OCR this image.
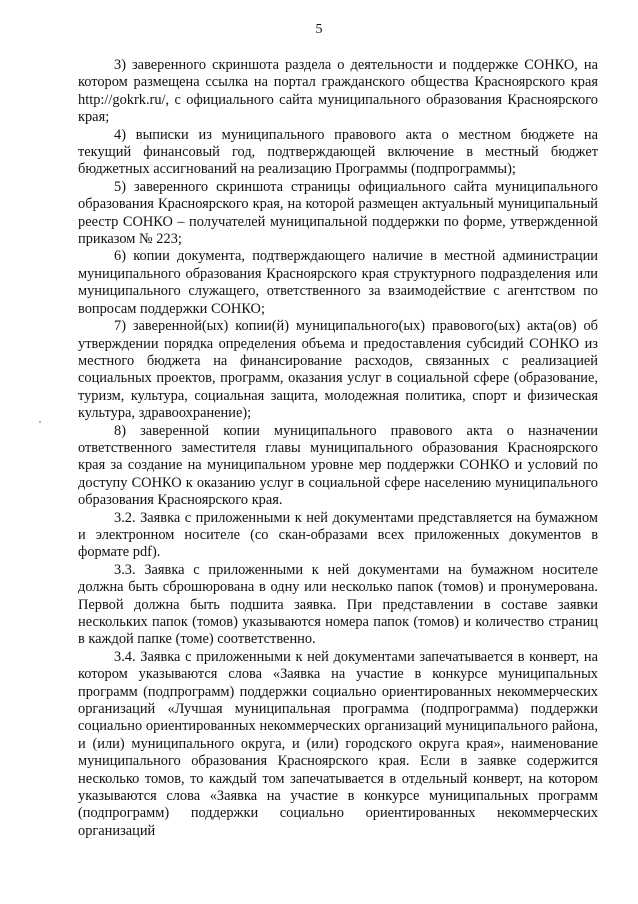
5

3) заверенного скриншота раздела о деятельности и поддержке СОНКО, на котором размещена ссылка на портал гражданского общества Красноярского края http://gokrk.ru/, с официального сайта муниципального образования Красноярского края;

4) выписки из муниципального правового акта о местном бюджете на текущий финансовый год, подтверждающей включение в местный бюджет бюджетных ассигнований на реализацию Программы (подпрограммы);

5) заверенного скриншота страницы официального сайта муниципального образования Красноярского края, на которой размещен актуальный муниципальный реестр СОНКО – получателей муниципальной поддержки по форме, утвержденной приказом № 223;

6) копии документа, подтверждающего наличие в местной администрации муниципального образования Красноярского края структурного подразделения или муниципального служащего, ответственного за взаимодействие с агентством по вопросам поддержки СОНКО;

7) заверенной(ых) копии(й) муниципального(ых) правового(ых) акта(ов) об утверждении порядка определения объема и предоставления субсидий СОНКО из местного бюджета на финансирование расходов, связанных с реализацией социальных проектов, программ, оказания услуг в социальной сфере (образование, туризм, культура, социальная защита, молодежная политика, спорт и физическая культура, здравоохранение);

8) заверенной копии муниципального правового акта о назначении ответственного заместителя главы муниципального образования Красноярского края за создание на муниципальном уровне мер поддержки СОНКО и условий по доступу СОНКО к оказанию услуг в социальной сфере населению муниципального образования Красноярского края.

3.2. Заявка с приложенными к ней документами представляется на бумажном и электронном носителе (со скан-образами всех приложенных документов в формате pdf).

3.3. Заявка с приложенными к ней документами на бумажном носителе должна быть сброшюрована в одну или несколько папок (томов) и пронумерована. Первой должна быть подшита заявка. При представлении в составе заявки нескольких папок (томов) указываются номера папок (томов) и количество страниц в каждой папке (томе) соответственно.

3.4. Заявка с приложенными к ней документами запечатывается в конверт, на котором указываются слова «Заявка на участие в конкурсе муниципальных программ (подпрограмм) поддержки социально ориентированных некоммерческих организаций «Лучшая муниципальная программа (подпрограмма) поддержки социально ориентированных некоммерческих организаций муниципального района, и (или) муниципального округа, и (или) городского округа края», наименование муниципального образования Красноярского края. Если в заявке содержится несколько томов, то каждый том запечатывается в отдельный конверт, на котором указываются слова «Заявка на участие в конкурсе муниципальных программ (подпрограмм) поддержки социально ориентированных некоммерческих организаций
